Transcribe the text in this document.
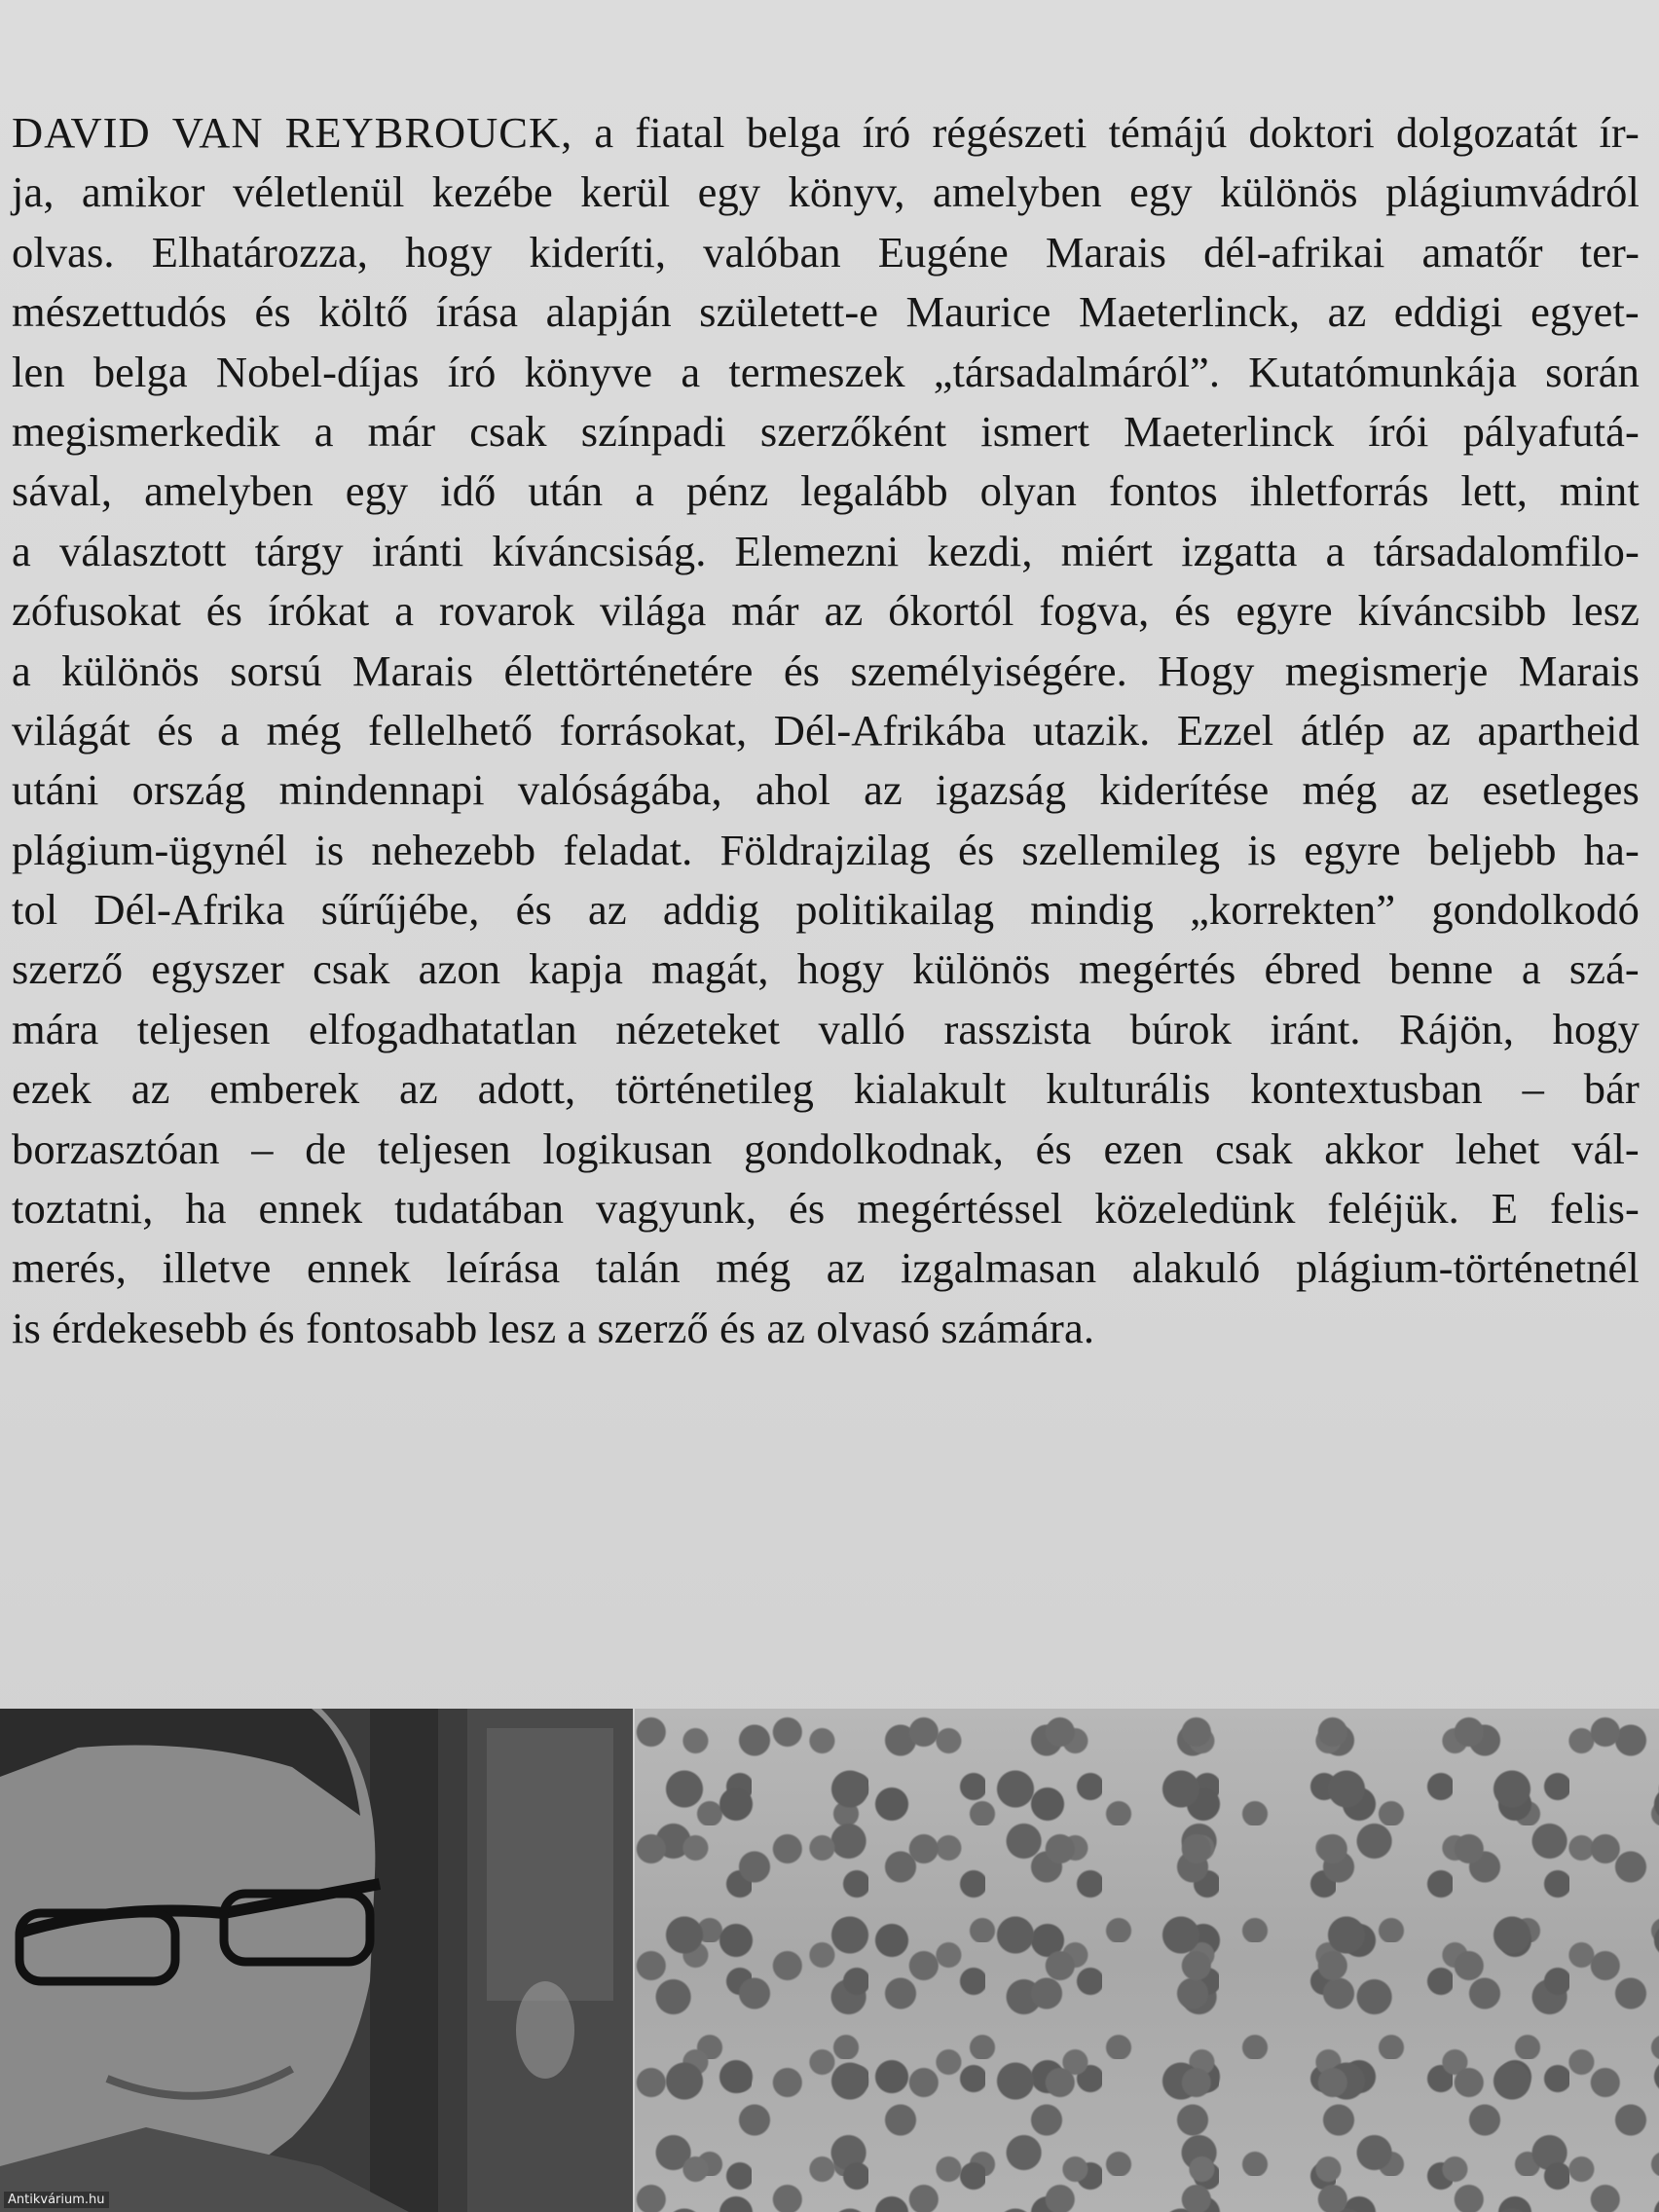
DAVID VAN REYBROUCK, a fiatal belga író régészeti témájú doktori dolgozatát ír-
ja, amikor véletlenül kezébe kerül egy könyv, amelyben egy különös plágiumvádról
olvas. Elhatározza, hogy kideríti, valóban Eugéne Marais dél-afrikai amatőr ter-
mészettudós és költő írása alapján született-e Maurice Maeterlinck, az eddigi egyet-
len belga Nobel-díjas író könyve a termeszek „társadalmáról”. Kutatómunkája során
megismerkedik a már csak színpadi szerzőként ismert Maeterlinck írói pályafutá-
sával, amelyben egy idő után a pénz legalább olyan fontos ihletforrás lett, mint
a választott tárgy iránti kíváncsiság. Elemezni kezdi, miért izgatta a társadalomfilo-
zófusokat és írókat a rovarok világa már az ókortól fogva, és egyre kíváncsibb lesz
a különös sorsú Marais élettörténetére és személyiségére. Hogy megismerje Marais
világát és a még fellelhető forrásokat, Dél-Afrikába utazik. Ezzel átlép az apartheid
utáni ország mindennapi valóságába, ahol az igazság kiderítése még az esetleges
plágium-ügynél is nehezebb feladat. Földrajzilag és szellemileg is egyre beljebb ha-
tol Dél-Afrika sűrűjébe, és az addig politikailag mindig „korrekten” gondolkodó
szerző egyszer csak azon kapja magát, hogy különös megértés ébred benne a szá-
mára teljesen elfogadhatatlan nézeteket valló rasszista búrok iránt. Rájön, hogy
ezek az emberek az adott, történetileg kialakult kulturális kontextusban – bár
borzasztóan – de teljesen logikusan gondolkodnak, és ezen csak akkor lehet vál-
toztatni, ha ennek tudatában vagyunk, és megértéssel közeledünk feléjük. E felis-
merés, illetve ennek leírása talán még az izgalmasan alakuló plágium-történetnél
is érdekesebb és fontosabb lesz a szerző és az olvasó számára.
Antikvárium.hu
